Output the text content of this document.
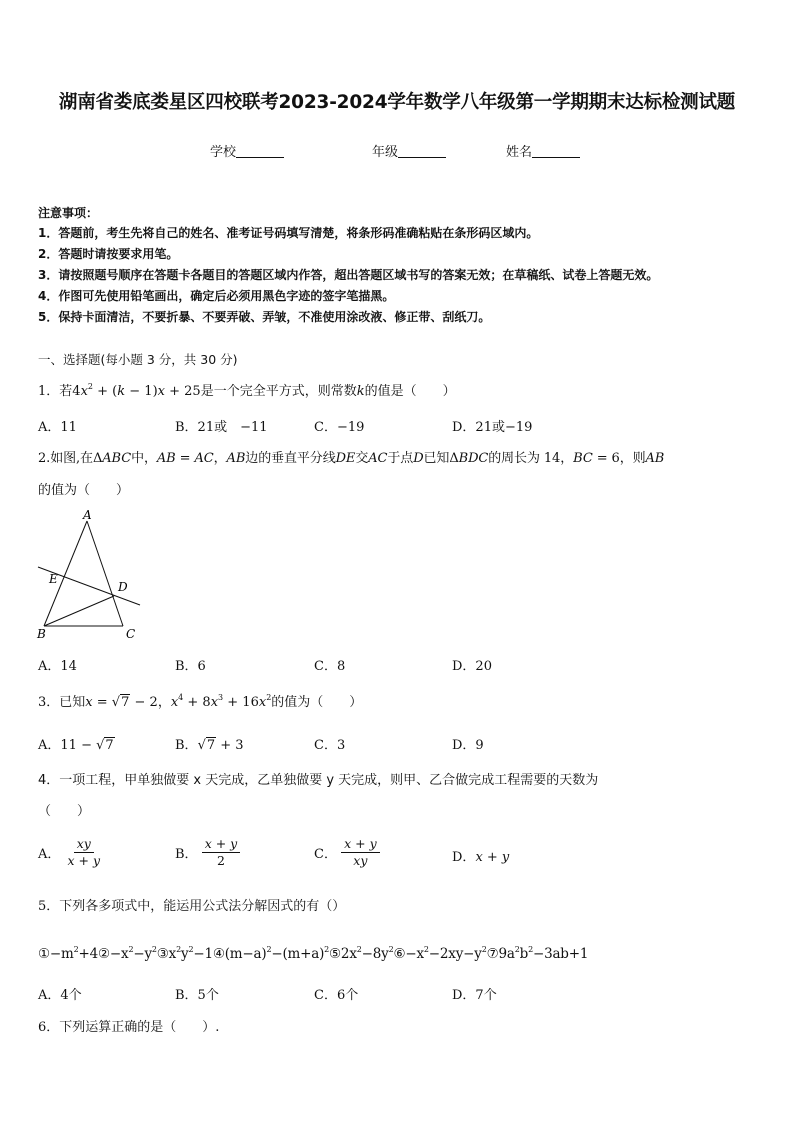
湖南省娄底娄星区四校联考2023-2024学年数学八年级第一学期期末达标检测试题
学校	年级	姓名
注意事项：
1．答题前，考生先将自己的姓名、准考证号码填写清楚，将条形码准确粘贴在条形码区域内。
2．答题时请按要求用笔。
3．请按照题号顺序在答题卡各题目的答题区域内作答，超出答题区域书写的答案无效；在草稿纸、试卷上答题无效。
4．作图可先使用铅笔画出，确定后必须用黑色字迹的签字笔描黑。
5．保持卡面清洁，不要折暴、不要弄破、弄皱，不准使用涂改液、修正带、刮纸刀。
一、选择题(每小题 3 分，共 30 分)
1．若$4x^2 + (k - 1)x + 25$是一个完全平方式，则常数k的值是（　　）
A．11	B．21或　−11	C．−19	D．21或−19
2.如图,在ΔABC中，AB = AC，AB边的垂直平分线DE交AC于点D已知ΔBDC的周长为 14，BC = 6，则AB
的值为（　　）
A
E
D
B	C
A．14	B．6	C．8	D．20
3．已知x = √7 − 2，$x^4 + 8x^3 + 16x^2$的值为（　　）
A．11 − √7	B．√7 + 3	C．3	D．9
4．一项工程，甲单独做要 x 天完成，乙单独做要 y 天完成，则甲、乙合做完成工程需要的天数为
（　　）
A． $\frac{xy}{x + y}$	B． $\frac{x + y}{2}$	C． $\frac{x + y}{xy}$	D．x + y
5．下列各多项式中，能运用公式法分解因式的有（）
$①-m^2+4②-x^2-y^2③x^2y^2-1④(m-a)^2-(m+a)^2⑤2x^2-8y^2⑥-x^2-2xy-y^2⑦9a^2b^2-3ab+1$
A．4个	B．5个	C．6个	D．7个
6．下列运算正确的是（　　）.
